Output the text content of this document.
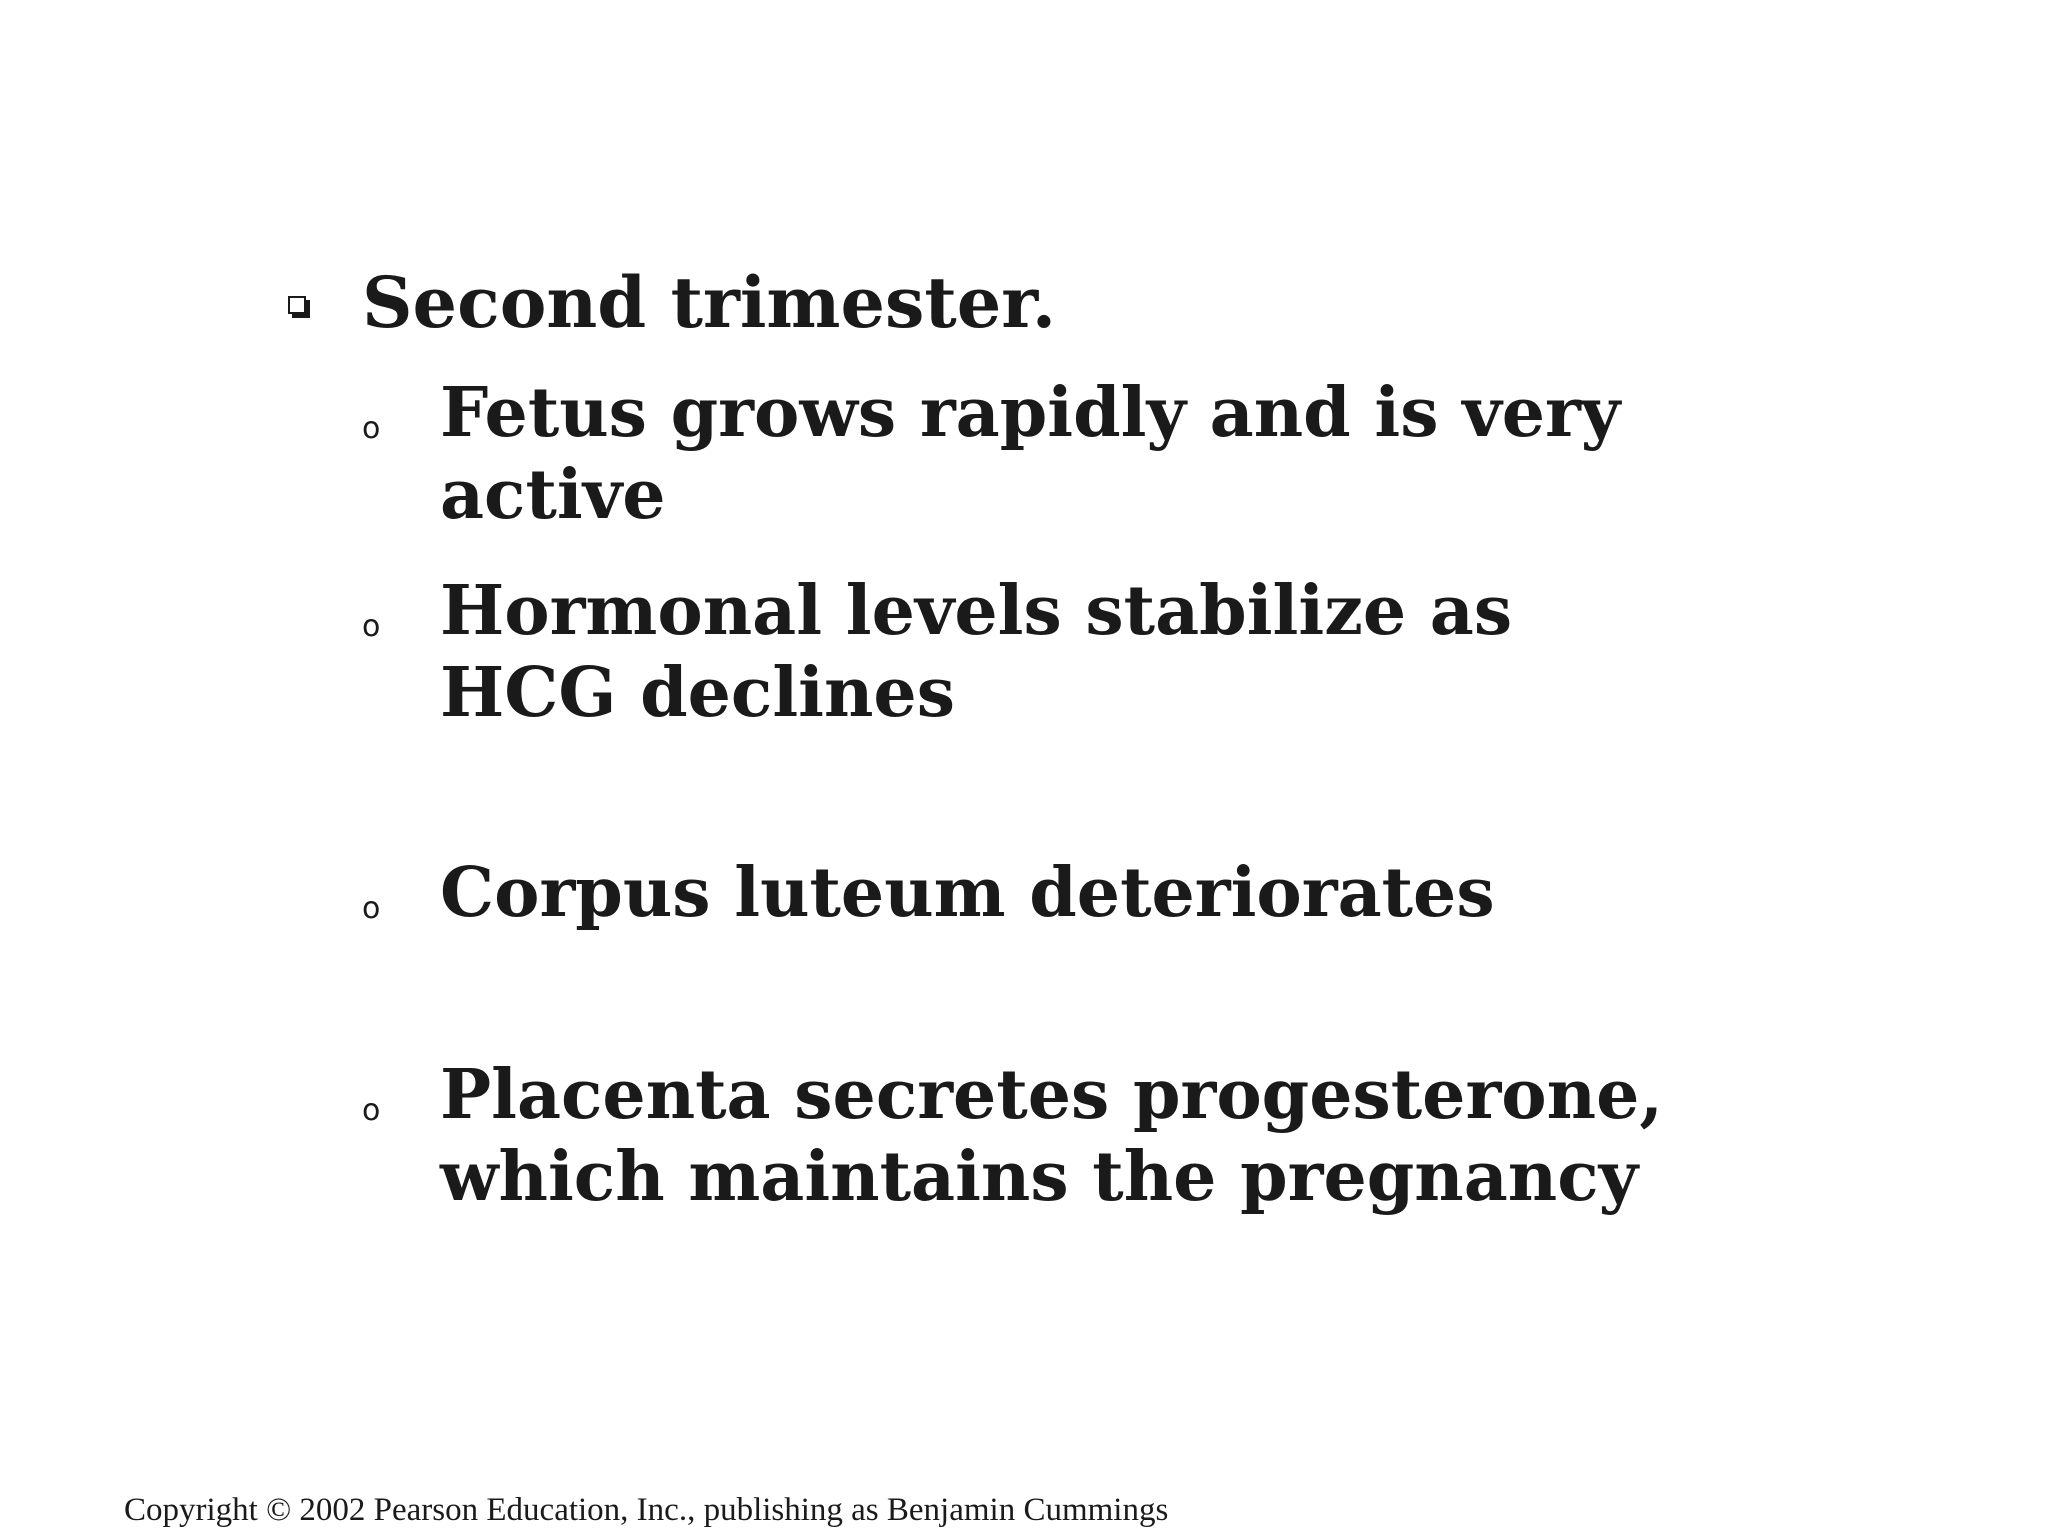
Second trimester.
o Fetus grows rapidly and is very active
o Hormonal levels stabilize as HCG declines
o Corpus luteum deteriorates
o Placenta secretes progesterone, which maintains the pregnancy
Copyright © 2002 Pearson Education, Inc., publishing as Benjamin Cummings
